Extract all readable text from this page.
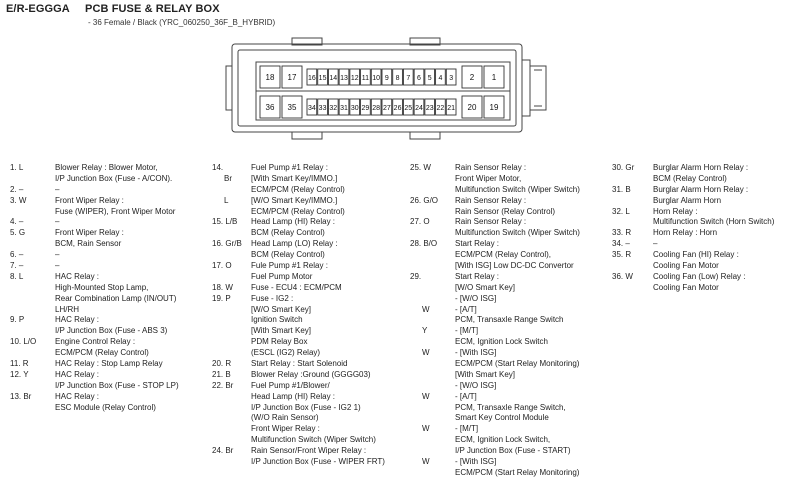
E/R-EGGGA PCB FUSE & RELAY BOX
- 36 Female / Black (YRC_060250_36F_B_HYBRID)
18 17 16 15 14 13 12 11 10 9 8 7 6 5 4 3 2 1
36 35 34 33 32 31 30 29 28 27 26 25 24 23 22 21 20 19
1. L	Blower Relay : Blower Motor,
I/P Junction Box (Fuse - A/CON).
2. –	–
3. W	Front Wiper Relay :
Fuse (WIPER), Front Wiper Motor
4. –	–
5. G	Front Wiper Relay :
BCM, Rain Sensor
6. –	–
7. –	–
8. L	HAC Relay :
High-Mounted Stop Lamp,
Rear Combination Lamp (IN/OUT)
LH/RH
9. P	HAC Relay :
I/P Junction Box (Fuse - ABS 3)
10. L/O Engine Control Relay :
ECM/PCM (Relay Control)
11. R	HAC Relay : Stop Lamp Relay
12. Y	HAC Relay :
I/P Junction Box (Fuse - STOP LP)
13. Br	HAC Relay :
ESC Module (Relay Control)
14.	Fuel Pump #1 Relay :
Br [With Smart Key/IMMO.]
ECM/PCM (Relay Control)
L	[W/O Smart Key/IMMO.]
ECM/PCM (Relay Control)
15. L/B Head Lamp (HI) Relay :
BCM (Relay Control)
16. Gr/B Head Lamp (LO) Relay :
BCM (Relay Control)
17. O Fule Pump #1 Relay :
Fuel Pump Motor
18. W Fuse - ECU4 : ECM/PCM
19. P	Fuse - IG2 :
[W/O Smart Key]
Ignition Switch
[With Smart Key]
PDM Relay Box
(ESCL (IG2) Relay)
20. R Start Relay : Start Solenoid
21. B	Blower Relay :Ground (GGGG03)
22. Br Fuel Pump #1/Blower/
Head Lamp (HI) Relay :
I/P Junction Box (Fuse - IG2 1)
(W/O Rain Sensor)
Front Wiper Relay :
Multifunction Switch (Wiper Switch)
24. Br Rain Sensor/Front Wiper Relay :
I/P Junction Box (Fuse - WIPER FRT)
25. W	Rain Sensor Relay :
Front Wiper Motor,
Multifunction Switch (Wiper Switch)
26. G/O Rain Sensor Relay :
Rain Sensor (Relay Control)
27. O	Rain Sensor Relay :
Multifunction Switch (Wiper Switch)
28. B/O Start Relay :
ECM/PCM (Relay Control),
[With ISG] Low DC-DC Convertor
29.	Start Relay :
[W/O Smart Key]
- [W/O ISG]
W	- [A/T]
PCM, Transaxle Range Switch
Y	- [M/T]
ECM, Ignition Lock Switch
W	- [With ISG]
ECM/PCM (Start Relay Monitoring)
[With Smart Key]
- [W/O ISG]
W	- [A/T]
PCM, Transaxle Range Switch,
Smart Key Control Module
W	- [M/T]
ECM, Ignition Lock Switch,
I/P Junction Box (Fuse - START)
W	- [With ISG]
ECM/PCM (Start Relay Monitoring)
30. Gr Burglar Alarm Horn Relay :
BCM (Relay Control)
31. B	Burglar Alarm Horn Relay :
Burglar Alarm Horn
32. L	Horn Relay :
Multifunction Switch (Horn Switch)
33. R	Horn Relay : Horn
34. –	–
35. R	Cooling Fan (HI) Relay :
Cooling Fan Motor
36. W	Cooling Fan (Low) Relay :
Cooling Fan Motor
